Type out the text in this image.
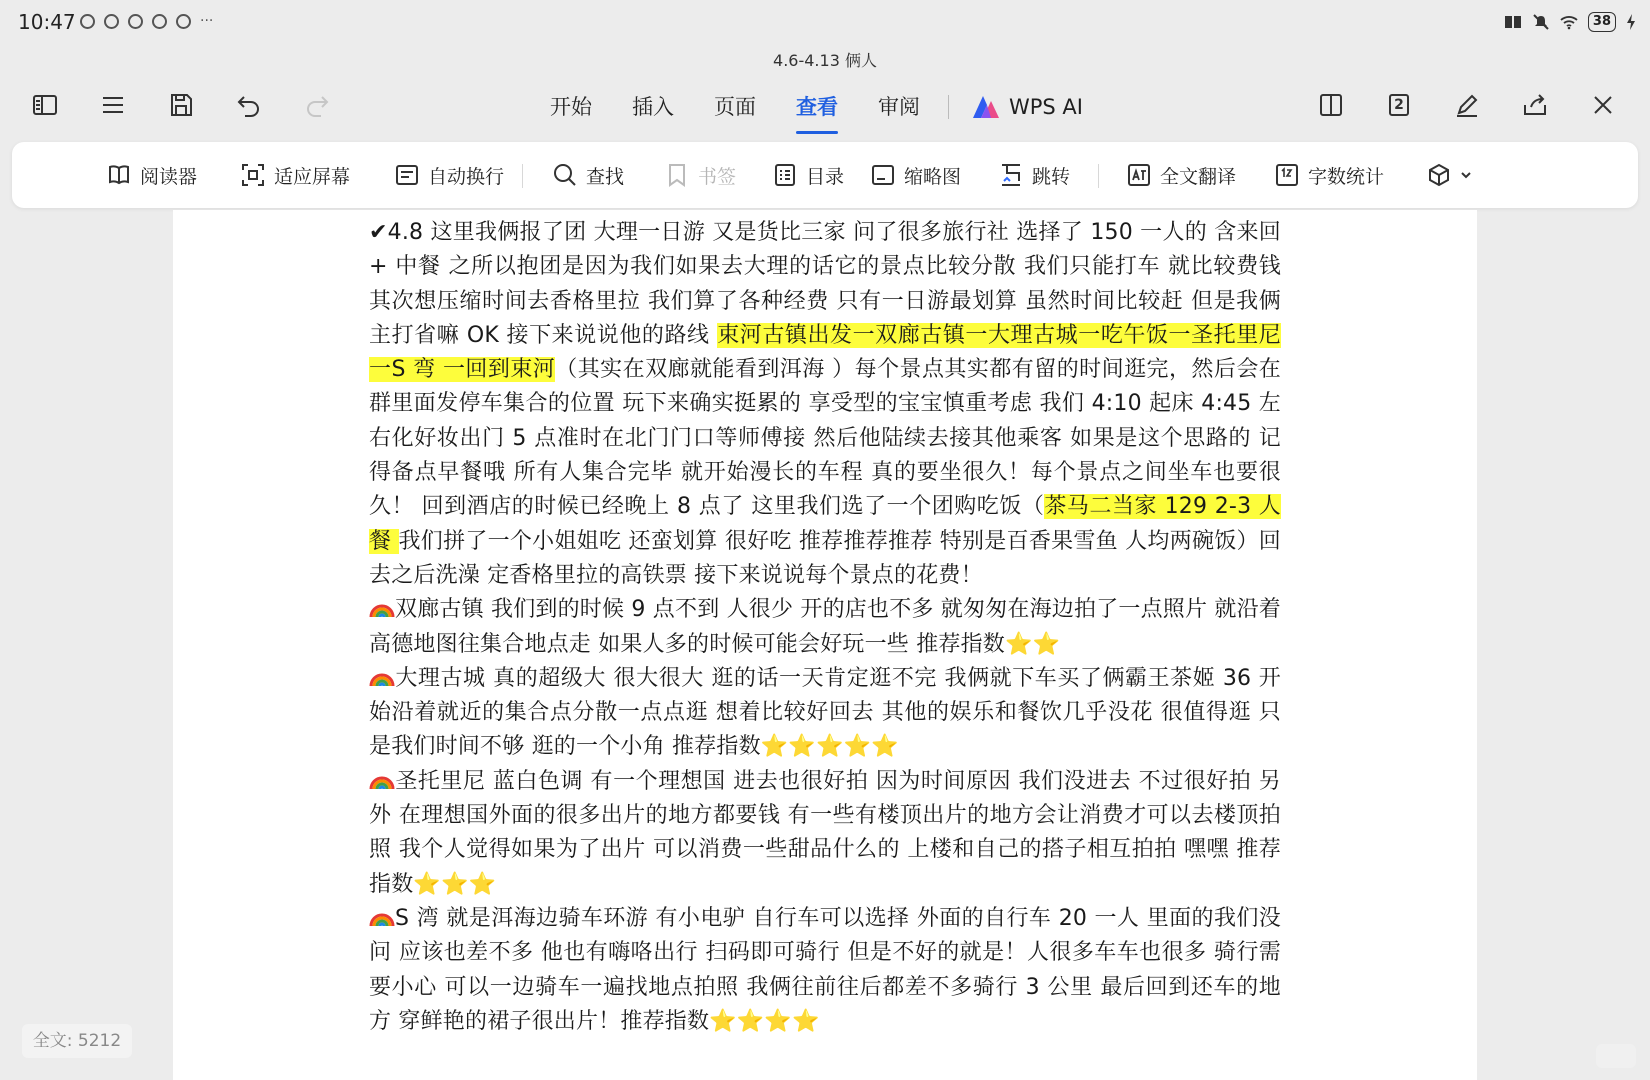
10:47	···	38
4.6-4.13 俩人
开始	插入	页面	查看	审阅	WPS AI	2
阅读器	适应屏幕	自动换行	查找	书签	目录	缩略图	跳转	全文翻译	字数统计

✔4.8 这里我俩报了团 大理一日游 又是货比三家 问了很多旅行社 选择了 150 一人的 含来回 + 中餐 之所以抱团是因为我们如果去大理的话它的景点比较分散 我们只能打车 就比较费钱 其次想压缩时间去香格里拉 我们算了各种经费 只有一日游最划算 虽然时间比较赶 但是我俩主打省嘛 OK 接下来说说他的路线 束河古镇出发一双廊古镇一大理古城一吃午饭一圣托里尼一S 弯 一回到束河（其实在双廊就能看到洱海 ）每个景点其实都有留的时间逛完，然后会在群里面发停车集合的位置 玩下来确实挺累的 享受型的宝宝慎重考虑 我们 4:10 起床 4:45 左右化好妆出门 5 点准时在北门门口等师傅接 然后他陆续去接其他乘客 如果是这个思路的 记得备点早餐哦 所有人集合完毕 就开始漫长的车程 真的要坐很久！每个景点之间坐车也要很久！ 回到酒店的时候已经晚上 8 点了 这里我们选了一个团购吃饭（茶马二当家 129 2-3 人餐 我们拼了一个小姐姐吃 还蛮划算 很好吃 推荐推荐推荐 特别是百香果雪鱼 人均两碗饭）回去之后洗澡 定香格里拉的高铁票 接下来说说每个景点的花费！

双廊古镇 我们到的时候 9 点不到 人很少 开的店也不多 就匆匆在海边拍了一点照片 就沿着高德地图往集合地点走 如果人多的时候可能会好玩一些 推荐指数⭐⭐

大理古城 真的超级大 很大很大 逛的话一天肯定逛不完 我俩就下车买了俩霸王茶姬 36 开始沿着就近的集合点分散一点点逛 想着比较好回去 其他的娱乐和餐饮几乎没花 很值得逛 只是我们时间不够 逛的一个小角 推荐指数⭐⭐⭐⭐⭐

圣托里尼 蓝白色调 有一个理想国 进去也很好拍 因为时间原因 我们没进去 不过很好拍 另外 在理想国外面的很多出片的地方都要钱 有一些有楼顶出片的地方会让消费才可以去楼顶拍照 我个人觉得如果为了出片 可以消费一些甜品什么的 上楼和自己的搭子相互拍拍 嘿嘿 推荐指数⭐⭐⭐

S 湾 就是洱海边骑车环游 有小电驴 自行车可以选择 外面的自行车 20 一人 里面的我们没问 应该也差不多 他也有嗨咯出行 扫码即可骑行 但是不好的就是！人很多车车也很多 骑行需要小心 可以一边骑车一遍找地点拍照 我俩往前往后都差不多骑行 3 公里 最后回到还车的地方 穿鲜艳的裙子很出片！推荐指数⭐⭐⭐⭐

全文: 5212
